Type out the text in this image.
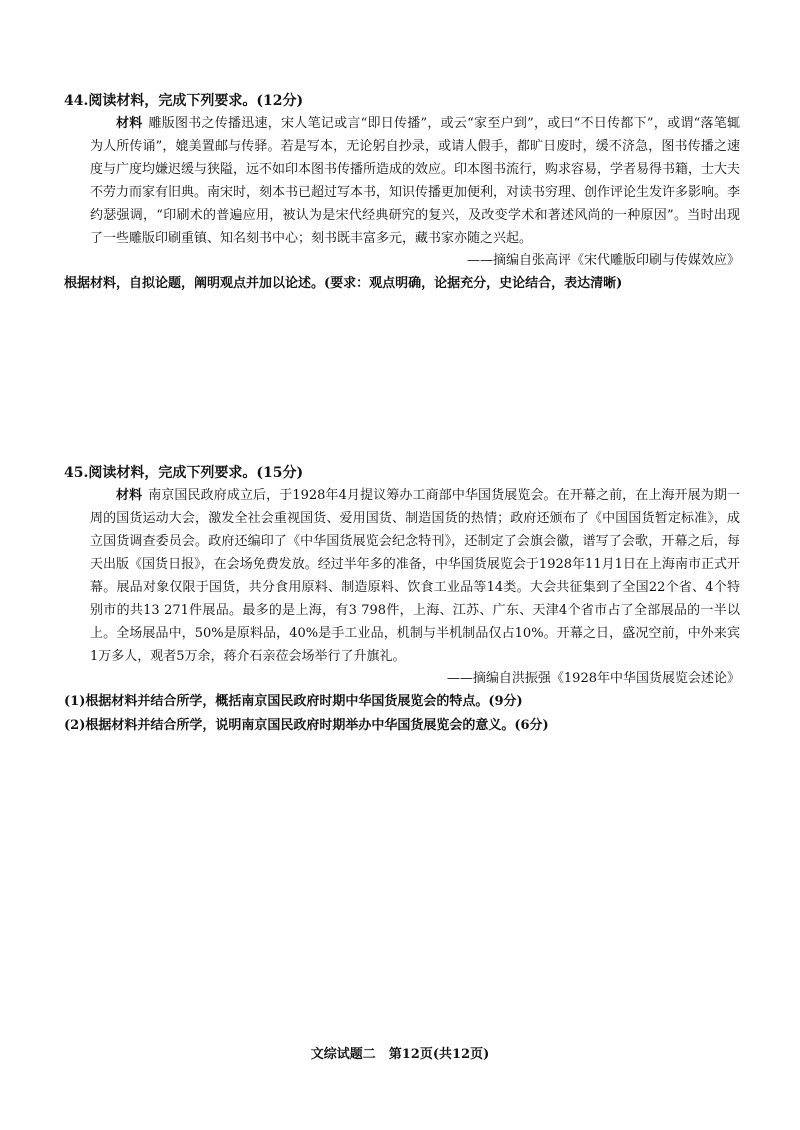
44.阅读材料，完成下列要求。(12分)

材料 雕版图书之传播迅速，宋人笔记或言“即日传播”，或云“家至户到”，或曰“不日传都下”，或谓“落笔辄为人所传诵”，媲美置邮与传驿。若是写本，无论躬自抄录，或请人假手，都旷日废时，缓不济急，图书传播之速度与广度均嫌迟缓与狭隘，远不如印本图书传播所造成的效应。印本图书流行，购求容易，学者易得书籍，士大夫不劳力而家有旧典。南宋时，刻本书已超过写本书，知识传播更加便利，对读书穷理、创作评论生发许多影响。李约瑟强调，“印刷术的普遍应用，被认为是宋代经典研究的复兴，及改变学术和著述风尚的一种原因”。当时出现了一些雕版印刷重镇、知名刻书中心；刻书既丰富多元，藏书家亦随之兴起。

——摘编自张高评《宋代雕版印刷与传媒效应》

根据材料，自拟论题，阐明观点并加以论述。(要求：观点明确，论据充分，史论结合，表达清晰)

45.阅读材料，完成下列要求。(15分)

材料 南京国民政府成立后，于1928年4月提议筹办工商部中华国货展览会。在开幕之前，在上海开展为期一周的国货运动大会，激发全社会重视国货、爱用国货、制造国货的热情；政府还颁布了《中国国货暂定标准》，成立国货调查委员会。政府还编印了《中华国货展览会纪念特刊》，还制定了会旗会徽，谱写了会歌，开幕之后，每天出版《国货日报》，在会场免费发放。经过半年多的准备，中华国货展览会于1928年11月1日在上海南市正式开幕。展品对象仅限于国货，共分食用原料、制造原料、饮食工业品等14类。大会共征集到了全国22个省、4个特别市的共13 271件展品。最多的是上海，有3 798件，上海、江苏、广东、天津4个省市占了全部展品的一半以上。全场展品中，50%是原料品，40%是手工业品，机制与半机制品仅占10%。开幕之日，盛况空前，中外来宾1万多人，观者5万余，蒋介石亲莅会场举行了升旗礼。

——摘编自洪振强《1928年中华国货展览会述论》

(1)根据材料并结合所学，概括南京国民政府时期中华国货展览会的特点。(9分)

(2)根据材料并结合所学，说明南京国民政府时期举办中华国货展览会的意义。(6分)

文综试题二　第12页(共12页)
